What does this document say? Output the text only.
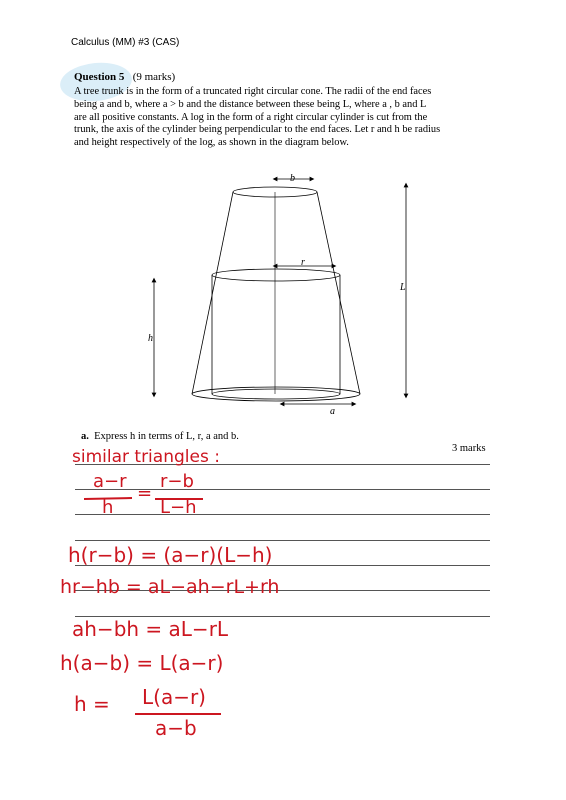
Calculus (MM) #3 (CAS)
Question 5 (9 marks)

A tree trunk is in the form of a truncated right circular cone. The radii of the end faces

being a and b, where a > b and the distance between these being L, where a , b and L

are all positive constants. A log in the form of a right circular cylinder is cut from the

trunk, the axis of the cylinder being perpendicular to the end faces. Let r and h be radius

and height respectively of the log, as shown in the diagram below.

b
r
L
h
a
a. Express h in terms of L, r, a and b.
3 marks
similar triangles :
a−r
h
=
r−b
L−h
h(r−b) = (a−r)(L−h)
hr−hb = aL−ah−rL+rh
ah−bh = aL−rL
h(a−b) = L(a−r)
h = L(a−r)
a−b
